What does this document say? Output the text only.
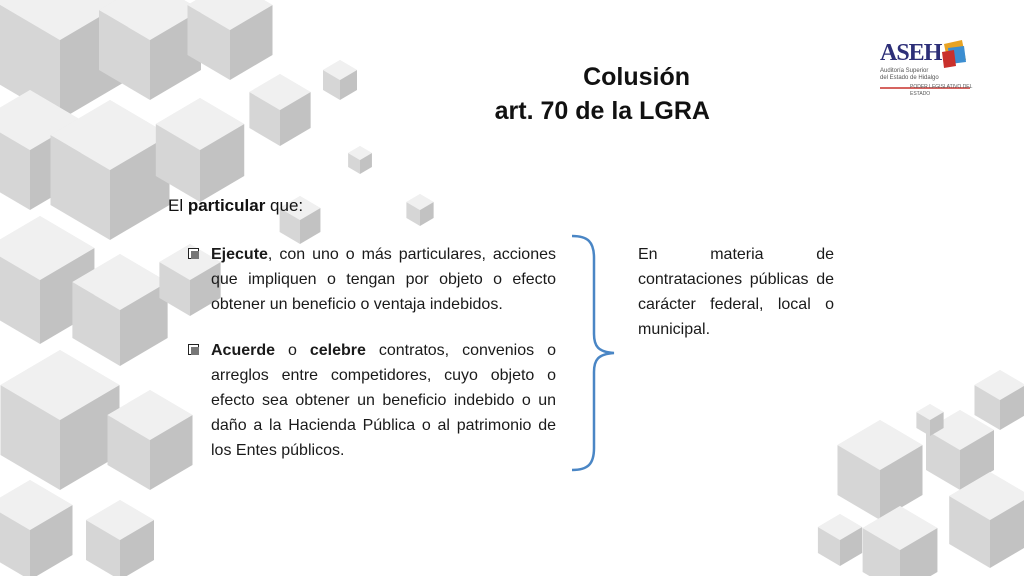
Colusión
art. 70 de la LGRA
ASEH
Auditoría Superior
del Estado de Hidalgo
PODER LEGISLATIVO DEL ESTADO
El particular que:
Ejecute, con uno o más particulares, acciones que impliquen o tengan por objeto o efecto obtener un beneficio o ventaja indebidos.
Acuerde o celebre contratos, convenios o arreglos entre competidores, cuyo objeto o efecto sea obtener un beneficio indebido o un daño a la Hacienda Pública o al patrimonio de los Entes públicos.
En materia de contrataciones públicas de carácter federal, local o municipal.
